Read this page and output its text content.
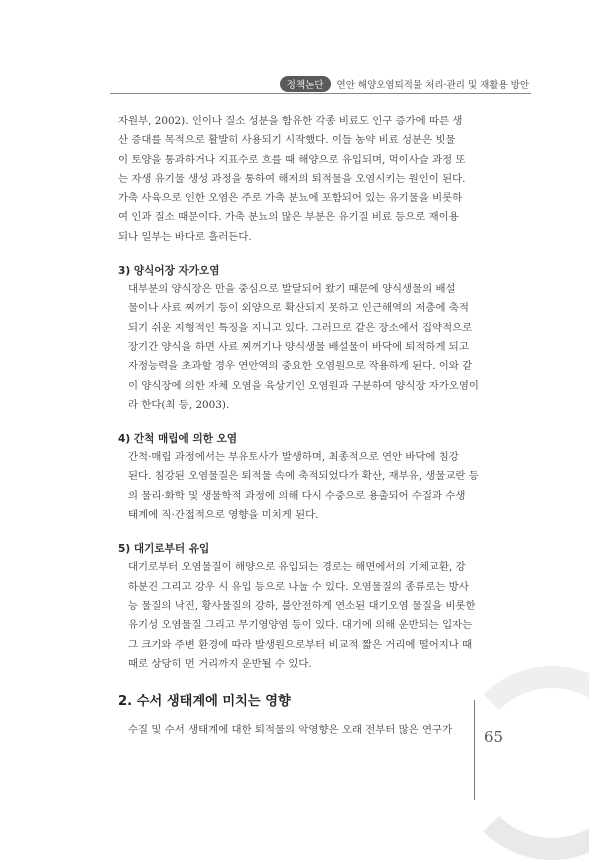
정책논단	연안 해양오염퇴적물 처리·관리 및 재활용 방안

자원부, 2002). 인이나 질소 성분을 함유한 각종 비료도 인구 증가에 따른 생
산 증대를 목적으로 활발히 사용되기 시작했다. 이들 농약 비료 성분은 빗물
이 토양을 통과하거나 지표수로 흐를 때 해양으로 유입되며, 먹이사슬 과정 또
는 자생 유기물 생성 과정을 통하여 해저의 퇴적물을 오염시키는 원인이 된다.
가축 사육으로 인한 오염은 주로 가축 분뇨에 포함되어 있는 유기물을 비롯하
여 인과 질소 때문이다. 가축 분뇨의 많은 부분은 유기질 비료 등으로 재이용
되나 일부는 바다로 흘러든다.

3) 양식어장 자가오염

대부분의 양식장은 만을 중심으로 발달되어 왔기 때문에 양식생물의 배설
물이나 사료 찌꺼기 등이 외양으로 확산되지 못하고 인근해역의 저층에 축적
되기 쉬운 지형적인 특징을 지니고 있다. 그러므로 같은 장소에서 집약적으로
장기간 양식을 하면 사료 찌꺼기나 양식생물 배설물이 바닥에 퇴적하게 되고
자정능력을 초과할 경우 연안역의 중요한 오염원으로 작용하게 된다. 이와 같
이 양식장에 의한 자체 오염을 육상기인 오염원과 구분하여 양식장 자가오염이
라 한다(최 등, 2003).

4) 간척 매립에 의한 오염

간척·매립 과정에서는 부유토사가 발생하며, 최종적으로 연안 바닥에 침강
된다. 침강된 오염물질은 퇴적물 속에 축적되었다가 확산, 재부유, 생물교란 등
의 물리·화학 및 생물학적 과정에 의해 다시 수중으로 용출되어 수질과 수생
태계에 직·간접적으로 영향을 미치게 된다.

5) 대기로부터 유입

대기로부터 오염물질이 해양으로 유입되는 경로는 해면에서의 기체교환, 강
하분진 그리고 강우 시 유입 등으로 나눌 수 있다. 오염물질의 종류로는 방사
능 물질의 낙진, 황사물질의 강하, 불안전하게 연소된 대기오염 물질을 비롯한
유기성 오염물질 그리고 무기영양염 등이 있다. 대기에 의해 운반되는 입자는
그 크기와 주변 환경에 따라 발생원으로부터 비교적 짧은 거리에 떨어지나 때
때로 상당히 먼 거리까지 운반될 수 있다.

2. 수서 생태계에 미치는 영향

수질 및 수서 생태계에 대한 퇴적물의 악영향은 오래 전부터 많은 연구가	65
